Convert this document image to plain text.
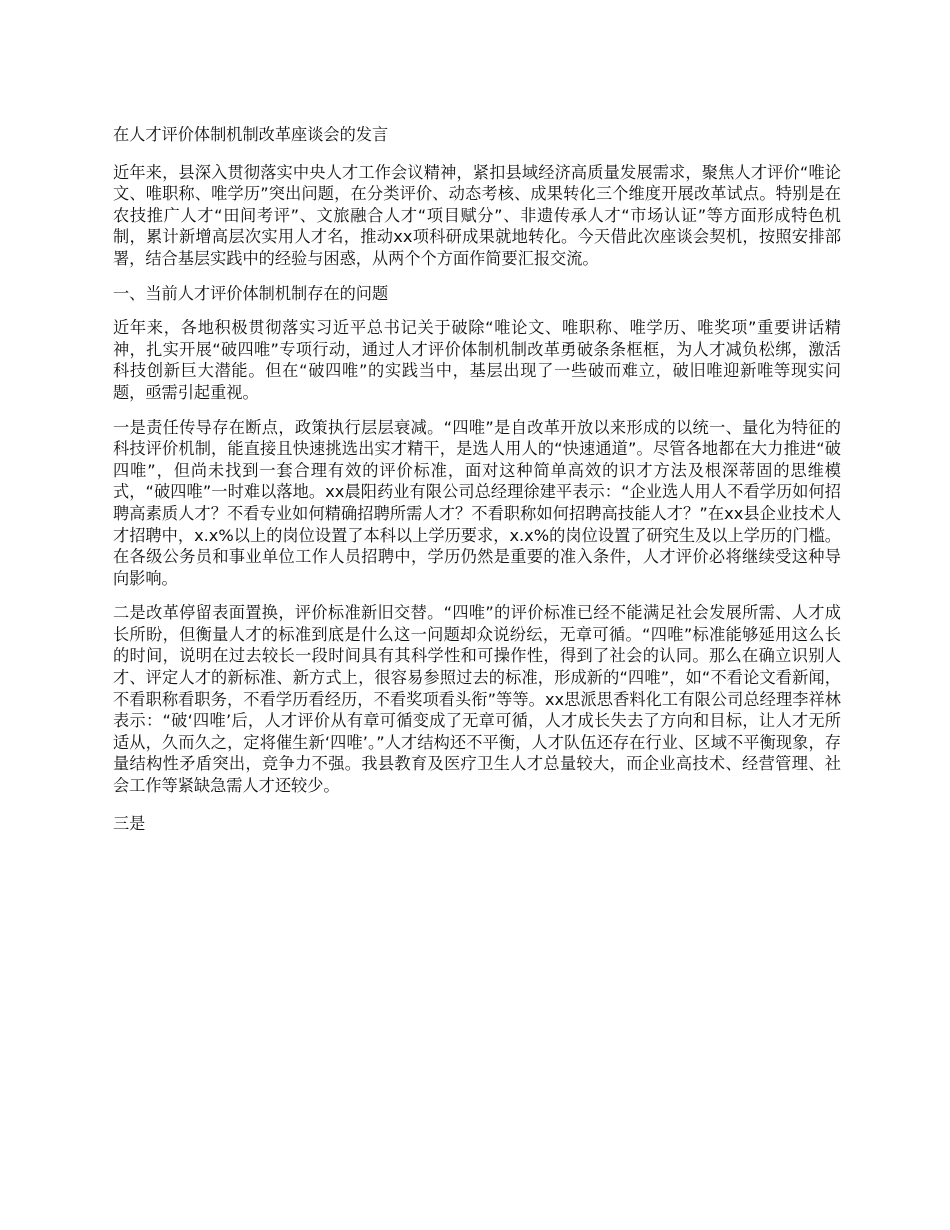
在人才评价体制机制改革座谈会的发言

近年来，县深入贯彻落实中央人才工作会议精神，紧扣县域经济高质量发展需求，聚焦人才评价“唯论文、唯职称、唯学历”突出问题，在分类评价、动态考核、成果转化三个维度开展改革试点。特别是在农技推广人才“田间考评”、文旅融合人才“项目赋分”、非遗传承人才“市场认证”等方面形成特色机制，累计新增高层次实用人才名，推动xx项科研成果就地转化。今天借此次座谈会契机，按照安排部署，结合基层实践中的经验与困惑，从两个个方面作简要汇报交流。

一、当前人才评价体制机制存在的问题

近年来，各地积极贯彻落实习近平总书记关于破除“唯论文、唯职称、唯学历、唯奖项”重要讲话精神，扎实开展“破四唯”专项行动，通过人才评价体制机制改革勇破条条框框，为人才减负松绑，激活科技创新巨大潜能。但在“破四唯”的实践当中，基层出现了一些破而难立，破旧唯迎新唯等现实问题，亟需引起重视。

一是责任传导存在断点，政策执行层层衰减。“四唯”是自改革开放以来形成的以统一、量化为特征的科技评价机制，能直接且快速挑选出实才精干，是选人用人的“快速通道”。尽管各地都在大力推进“破四唯”，但尚未找到一套合理有效的评价标准，面对这种简单高效的识才方法及根深蒂固的思维模式，“破四唯”一时难以落地。xx晨阳药业有限公司总经理徐建平表示：“企业选人用人不看学历如何招聘高素质人才？不看专业如何精确招聘所需人才？不看职称如何招聘高技能人才？”在xx县企业技术人才招聘中，x.x%以上的岗位设置了本科以上学历要求，x.x%的岗位设置了研究生及以上学历的门槛。在各级公务员和事业单位工作人员招聘中，学历仍然是重要的准入条件，人才评价必将继续受这种导向影响。

二是改革停留表面置换，评价标准新旧交替。“四唯”的评价标准已经不能满足社会发展所需、人才成长所盼，但衡量人才的标准到底是什么这一问题却众说纷纭，无章可循。“四唯”标准能够延用这么长的时间，说明在过去较长一段时间具有其科学性和可操作性，得到了社会的认同。那么在确立识别人才、评定人才的新标准、新方式上，很容易参照过去的标准，形成新的“四唯”，如“不看论文看新闻，不看职称看职务，不看学历看经历，不看奖项看头衔”等等。xx思派思香料化工有限公司总经理李祥林表示：“破‘四唯’后，人才评价从有章可循变成了无章可循，人才成长失去了方向和目标，让人才无所适从，久而久之，定将催生新‘四唯’。”人才结构还不平衡，人才队伍还存在行业、区域不平衡现象，存量结构性矛盾突出，竞争力不强。我县教育及医疗卫生人才总量较大，而企业高技术、经营管理、社会工作等紧缺急需人才还较少。

三是
